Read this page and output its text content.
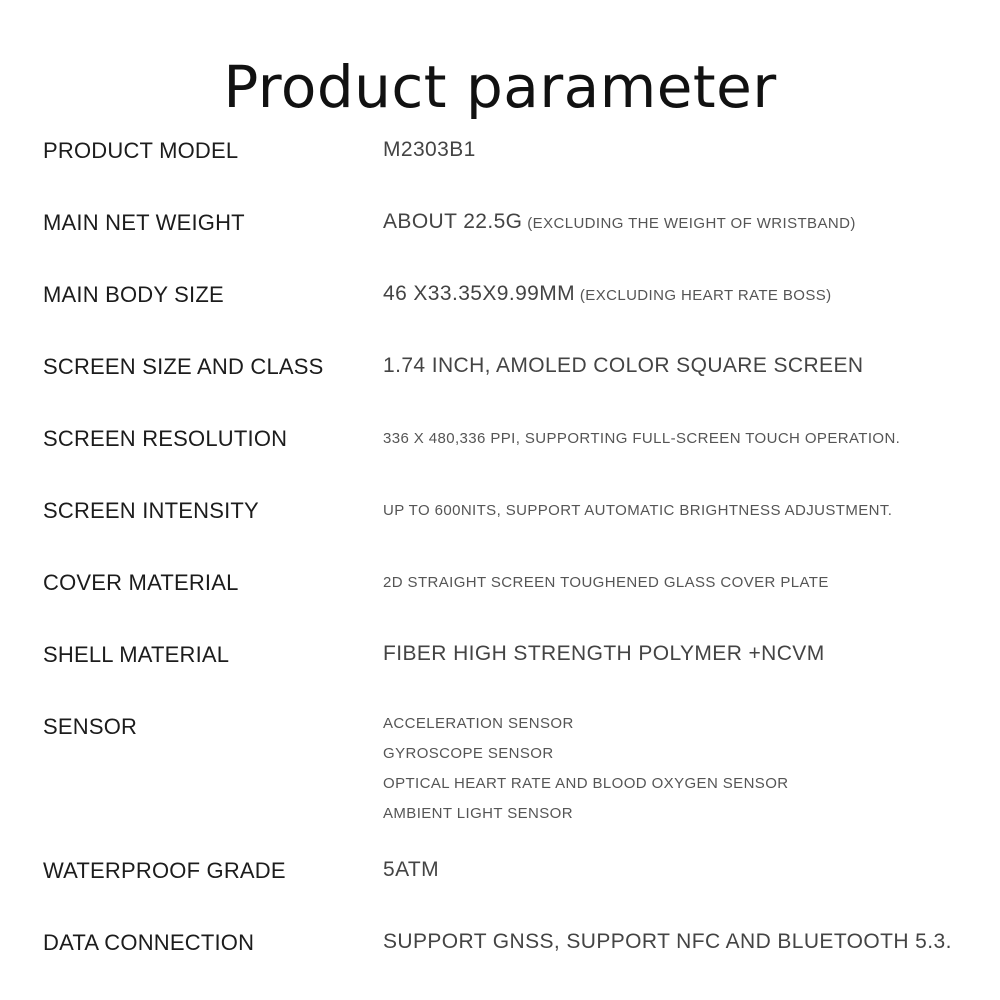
Product parameter
PRODUCT MODEL	M2303B1
MAIN NET WEIGHT	ABOUT 22.5G (EXCLUDING THE WEIGHT OF WRISTBAND)
MAIN BODY SIZE	46 X33.35X9.99MM (EXCLUDING HEART RATE BOSS)
SCREEN SIZE AND CLASS	1.74 INCH, AMOLED COLOR SQUARE SCREEN
SCREEN RESOLUTION	336 X 480,336 PPI, SUPPORTING FULL-SCREEN TOUCH OPERATION.
SCREEN INTENSITY	UP TO 600NITS, SUPPORT AUTOMATIC BRIGHTNESS ADJUSTMENT.
COVER MATERIAL	2D STRAIGHT SCREEN TOUGHENED GLASS COVER PLATE
SHELL MATERIAL	FIBER HIGH STRENGTH POLYMER +NCVM
SENSOR	ACCELERATION SENSOR
GYROSCOPE SENSOR
OPTICAL HEART RATE AND BLOOD OXYGEN SENSOR
AMBIENT LIGHT SENSOR
WATERPROOF GRADE	5ATM
DATA CONNECTION	SUPPORT GNSS, SUPPORT NFC AND BLUETOOTH 5.3.
